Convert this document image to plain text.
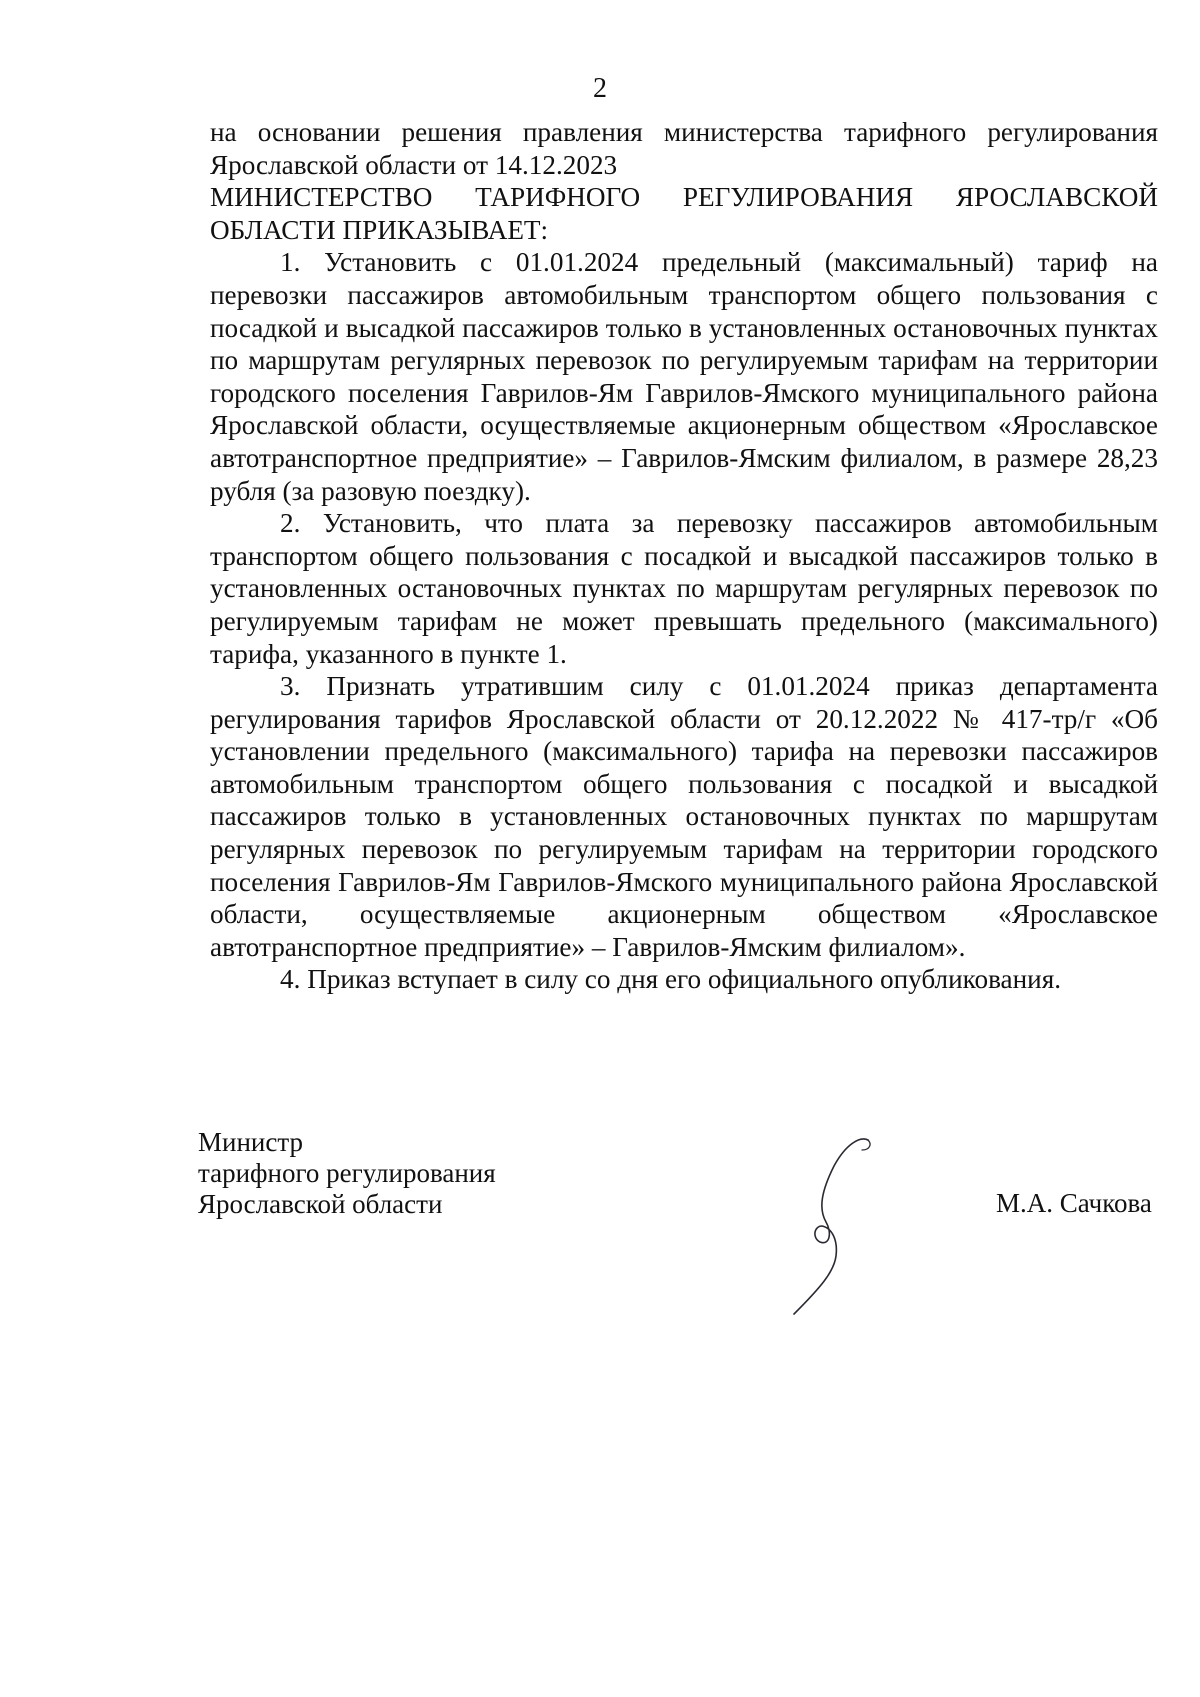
2

на основании решения правления министерства тарифного регулирования Ярославской области от 14.12.2023

МИНИСТЕРСТВО ТАРИФНОГО РЕГУЛИРОВАНИЯ ЯРОСЛАВСКОЙ ОБЛАСТИ ПРИКАЗЫВАЕТ:

1. Установить с 01.01.2024 предельный (максимальный) тариф на перевозки пассажиров автомобильным транспортом общего пользования с посадкой и высадкой пассажиров только в установленных остановочных пунктах по маршрутам регулярных перевозок по регулируемым тарифам на территории городского поселения Гаврилов-Ям Гаврилов-Ямского муниципального района Ярославской области, осуществляемые акционерным обществом «Ярославское автотранспортное предприятие» – Гаврилов-Ямским филиалом, в размере 28,23 рубля (за разовую поездку).

2. Установить, что плата за перевозку пассажиров автомобильным транспортом общего пользования с посадкой и высадкой пассажиров только в установленных остановочных пунктах по маршрутам регулярных перевозок по регулируемым тарифам не может превышать предельного (максимального) тарифа, указанного в пункте 1.

3. Признать утратившим силу с 01.01.2024 приказ департамента регулирования тарифов Ярославской области от 20.12.2022 № 417-тр/г «Об установлении предельного (максимального) тарифа на перевозки пассажиров автомобильным транспортом общего пользования с посадкой и высадкой пассажиров только в установленных остановочных пунктах по маршрутам регулярных перевозок по регулируемым тарифам на территории городского поселения Гаврилов-Ям Гаврилов-Ямского муниципального района Ярославской области, осуществляемые акционерным обществом «Ярославское автотранспортное предприятие» – Гаврилов-Ямским филиалом».

4. Приказ вступает в силу со дня его официального опубликования.

Министр
тарифного регулирования
Ярославской области	М.А. Сачкова
